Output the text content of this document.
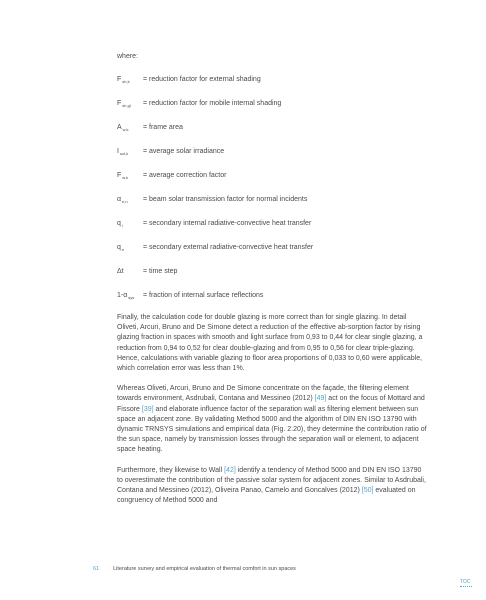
where:
$F_{sh,k}$ = reduction factor for external shading
$F_{sh,gl}$ = reduction factor for mobile internal shading
$A_{w,k}$ = frame area
$I_{sol,k}$ = average solar irradiance
$F_{w,k}$ = average correction factor
$\alpha_{e,n}$ = beam solar transmission factor for normal incidents
$q_i$	= secondary internal radiative-convective heat transfer
$q_e$	= secondary external radiative-convective heat transfer
Δt	= time step
$1-\alpha_{sys}$ = fraction of internal surface reflections

Finally, the calculation code for double glazing is more correct than for single glazing. In detail Oliveti, Arcuri, Bruno and De Simone detect a reduction of the effective ab-sorption factor by rising glazing fraction in spaces with smooth and light surface from 0,93 to 0,44 for clear single glazing, a reduction from 0,94 to 0,52 for clear double-glazing and from 0,95 to 0,56 for clear triple-glazing. Hence, calculations with variable glazing to floor area proportions of 0,033 to 0,60 were applicable, which correlation error was less than 1%.

Whereas Oliveti, Arcuri, Bruno and De Simone concentrate on the façade, the filtering element towards environment, Asdrubali, Contana and Messineo (2012) [49] act on the focus of Mottard and Fissore [39] and elaborate influence factor of the separation wall as filtering element between sun space an adjacent zone. By validating Method 5000 and the algorithm of DIN EN ISO 13790 with dynamic TRNSYS simulations and empirical data (Fig. 2.20), they determine the contribution ratio of the sun space, namely by transmission losses through the separation wall or element, to adjacent space heating.

Furthermore, they likewise to Wall [42] identify a tendency of Method 5000 and DIN EN ISO 13790 to overestimate the contribution of the passive solar system for adjacent zones. Similar to Asdrubali, Contana and Messineo (2012), Oliveira Panao, Camelo and Goncalves (2012) [50] evaluated on congruency of Method 5000 and

61	Literature survey and empirical evaluation of thermal comfort in sun spaces
TOC
